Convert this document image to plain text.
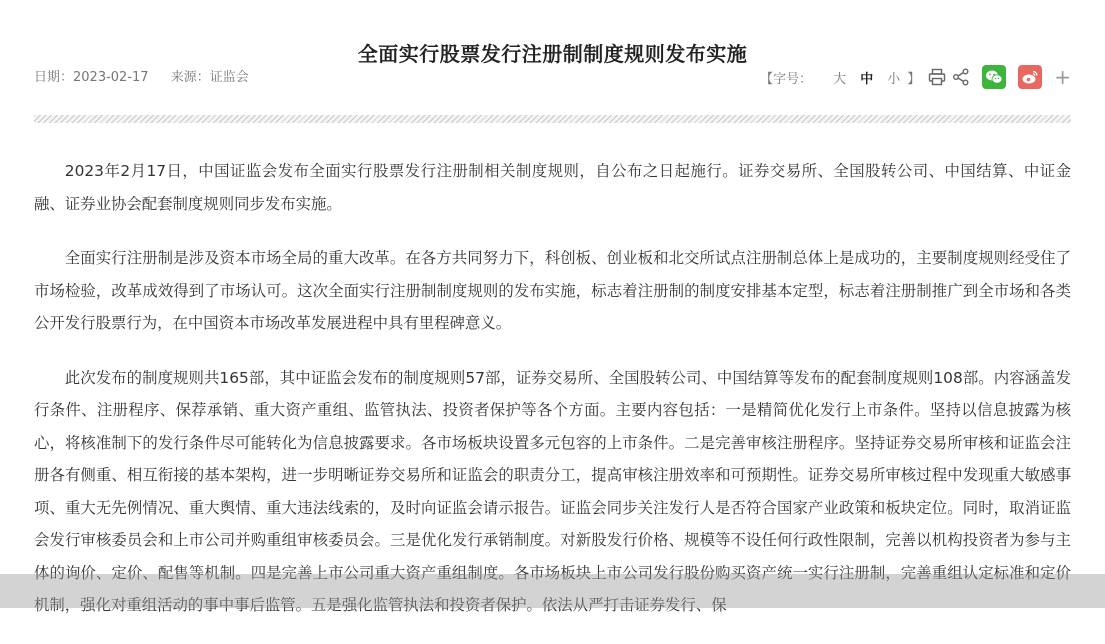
全面实行股票发行注册制制度规则发布实施
日期：2023-02-17 来源：证监会	【字号： 大 中 小 】	+

2023年2月17日，中国证监会发布全面实行股票发行注册制相关制度规则，自公布之日起施行。证券交易所、全国股转公司、中国结算、中证金融、证券业协会配套制度规则同步发布实施。

全面实行注册制是涉及资本市场全局的重大改革。在各方共同努力下，科创板、创业板和北交所试点注册制总体上是成功的，主要制度规则经受住了市场检验，改革成效得到了市场认可。这次全面实行注册制制度规则的发布实施，标志着注册制的制度安排基本定型，标志着注册制推广到全市场和各类公开发行股票行为，在中国资本市场改革发展进程中具有里程碑意义。

此次发布的制度规则共165部，其中证监会发布的制度规则57部，证券交易所、全国股转公司、中国结算等发布的配套制度规则108部。内容涵盖发行条件、注册程序、保荐承销、重大资产重组、监管执法、投资者保护等各个方面。主要内容包括：一是精简优化发行上市条件。坚持以信息披露为核心，将核准制下的发行条件尽可能转化为信息披露要求。各市场板块设置多元包容的上市条件。二是完善审核注册程序。坚持证券交易所审核和证监会注册各有侧重、相互衔接的基本架构，进一步明晰证券交易所和证监会的职责分工，提高审核注册效率和可预期性。证券交易所审核过程中发现重大敏感事项、重大无先例情况、重大舆情、重大违法线索的，及时向证监会请示报告。证监会同步关注发行人是否符合国家产业政策和板块定位。同时，取消证监会发行审核委员会和上市公司并购重组审核委员会。三是优化发行承销制度。对新股发行价格、规模等不设任何行政性限制，完善以机构投资者为参与主体的询价、定价、配售等机制。四是完善上市公司重大资产重组制度。各市场板块上市公司发行股份购买资产统一实行注册制，完善重组认定标准和定价机制，强化对重组活动的事中事后监管。五是强化监管执法和投资者保护。依法从严打击证券发行、保
